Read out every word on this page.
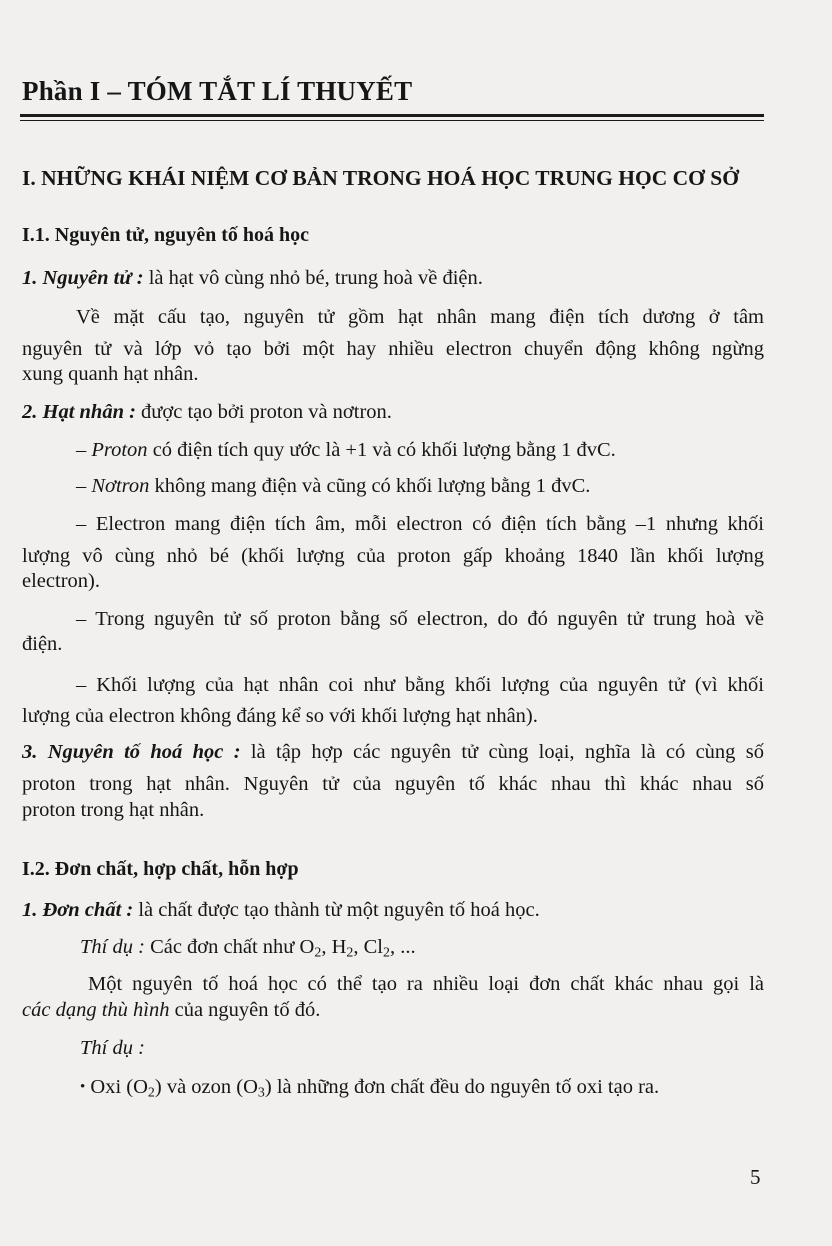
Phần I – TÓM TẮT LÍ THUYẾT
I. NHỮNG KHÁI NIỆM CƠ BẢN TRONG HOÁ HỌC TRUNG HỌC CƠ SỞ
I.1. Nguyên tử, nguyên tố hoá học
1. Nguyên tử : là hạt vô cùng nhỏ bé, trung hoà về điện.
Về mặt cấu tạo, nguyên tử gồm hạt nhân mang điện tích dương ở tâm
nguyên tử và lớp vỏ tạo bởi một hay nhiều electron chuyển động không ngừng
xung quanh hạt nhân.
2. Hạt nhân : được tạo bởi proton và nơtron.
– Proton có điện tích quy ước là +1 và có khối lượng bằng 1 đvC.
– Nơtron không mang điện và cũng có khối lượng bằng 1 đvC.
– Electron mang điện tích âm, mỗi electron có điện tích bằng –1 nhưng khối
lượng vô cùng nhỏ bé (khối lượng của proton gấp khoảng 1840 lần khối lượng
electron).
– Trong nguyên tử số proton bằng số electron, do đó nguyên tử trung hoà về
điện.
– Khối lượng của hạt nhân coi như bằng khối lượng của nguyên tử (vì khối
lượng của electron không đáng kể so với khối lượng hạt nhân).
3. Nguyên tố hoá học : là tập hợp các nguyên tử cùng loại, nghĩa là có cùng số
proton trong hạt nhân. Nguyên tử của nguyên tố khác nhau thì khác nhau số
proton trong hạt nhân.
I.2. Đơn chất, hợp chất, hỗn hợp
1. Đơn chất : là chất được tạo thành từ một nguyên tố hoá học.
Thí dụ : Các đơn chất như $O_2$, $H_2$, $Cl_2$, ...
Một nguyên tố hoá học có thể tạo ra nhiều loại đơn chất khác nhau gọi là
các dạng thù hình của nguyên tố đó.
Thí dụ :
• Oxi $(O_2)$ và ozon $(O_3)$ là những đơn chất đều do nguyên tố oxi tạo ra.
5
